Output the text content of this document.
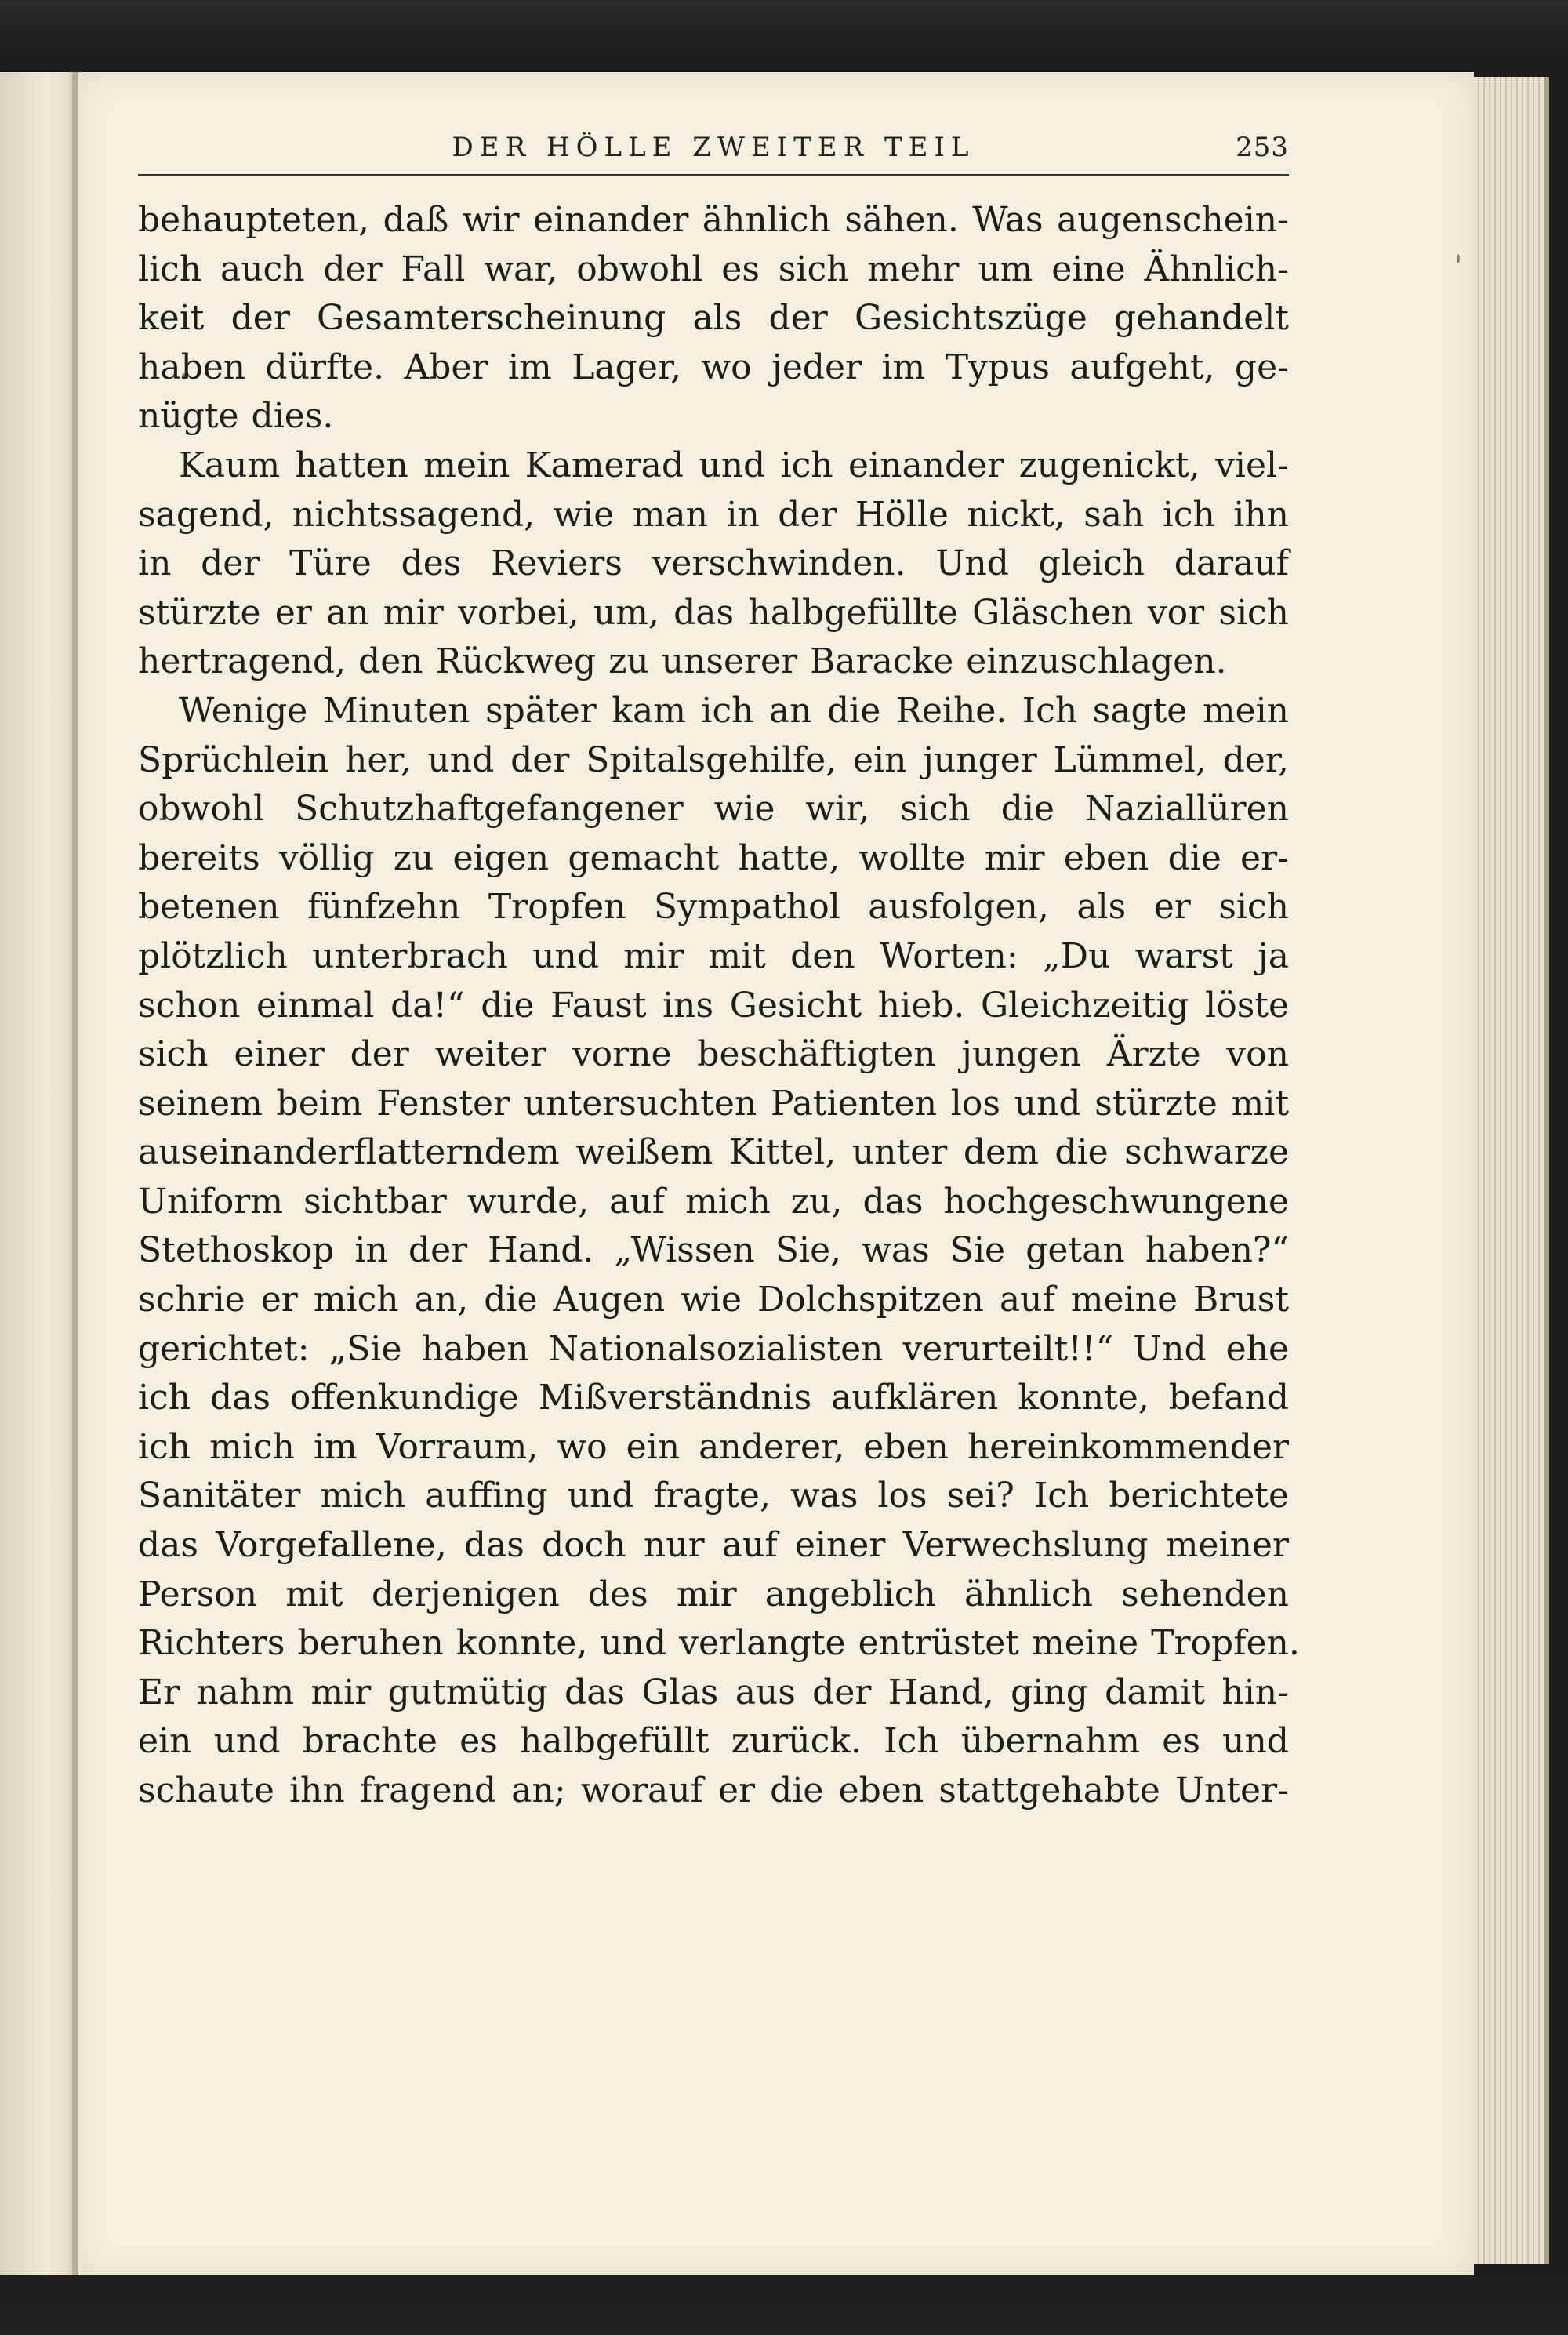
DER HÖLLE ZWEITER TEIL	253
behaupteten, daß wir einander ähnlich sähen. Was augenschein-
lich auch der Fall war, obwohl es sich mehr um eine Ähnlich-
keit der Gesamterscheinung als der Gesichtszüge gehandelt
haben dürfte. Aber im Lager, wo jeder im Typus aufgeht, ge-
nügte dies.
Kaum hatten mein Kamerad und ich einander zugenickt, viel-
sagend, nichtssagend, wie man in der Hölle nickt, sah ich ihn
in der Türe des Reviers verschwinden. Und gleich darauf
stürzte er an mir vorbei, um, das halbgefüllte Gläschen vor sich
hertragend, den Rückweg zu unserer Baracke einzuschlagen.
Wenige Minuten später kam ich an die Reihe. Ich sagte mein
Sprüchlein her, und der Spitalsgehilfe, ein junger Lümmel, der,
obwohl Schutzhaftgefangener wie wir, sich die Naziallüren
bereits völlig zu eigen gemacht hatte, wollte mir eben die er-
betenen fünfzehn Tropfen Sympathol ausfolgen, als er sich
plötzlich unterbrach und mir mit den Worten: „Du warst ja
schon einmal da!“ die Faust ins Gesicht hieb. Gleichzeitig löste
sich einer der weiter vorne beschäftigten jungen Ärzte von
seinem beim Fenster untersuchten Patienten los und stürzte mit
auseinanderflatterndem weißem Kittel, unter dem die schwarze
Uniform sichtbar wurde, auf mich zu, das hochgeschwungene
Stethoskop in der Hand. „Wissen Sie, was Sie getan haben?“
schrie er mich an, die Augen wie Dolchspitzen auf meine Brust
gerichtet: „Sie haben Nationalsozialisten verurteilt!!“ Und ehe
ich das offenkundige Mißverständnis aufklären konnte, befand
ich mich im Vorraum, wo ein anderer, eben hereinkommender
Sanitäter mich auffing und fragte, was los sei? Ich berichtete
das Vorgefallene, das doch nur auf einer Verwechslung meiner
Person mit derjenigen des mir angeblich ähnlich sehenden
Richters beruhen konnte, und verlangte entrüstet meine Tropfen.
Er nahm mir gutmütig das Glas aus der Hand, ging damit hin-
ein und brachte es halbgefüllt zurück. Ich übernahm es und
schaute ihn fragend an; worauf er die eben stattgehabte Unter-
